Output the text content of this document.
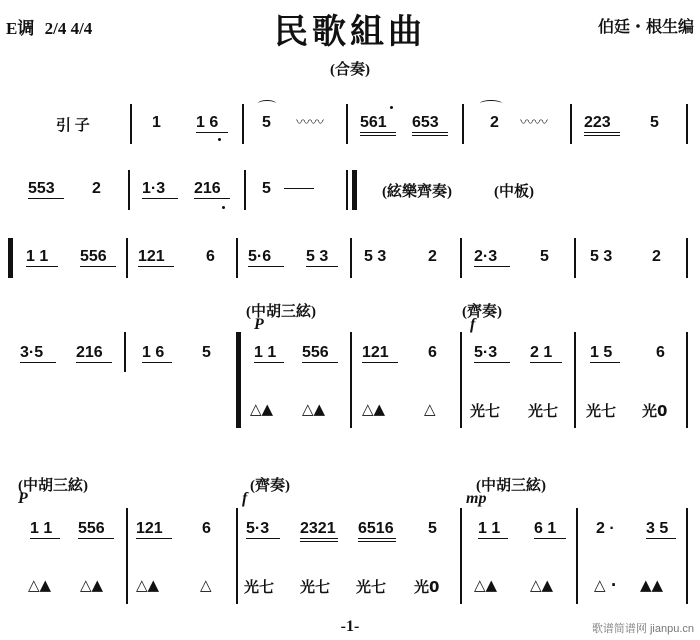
E调 2/4 4/4	民歌組曲	伯廷・根生编
(合奏)
引 子	1 1 6	5 〰〰 561 653	2 〰〰 223 5
553 2	1·3 216	5	(絃樂齊奏)	(中板)
1 1 556 121	6 5·6 5 3 5 3	2 2·3	5	5 3 2
(中胡三絃)	(齊奏)
P	f
3·5 216 1 6 5	1 1 556 121 6 5·3 2 1 1 5	6
△▲ △▲ △▲	△ 光七 光七 光七 光0
(中胡三絃)	(齊奏)	(中胡三絃)
P	f	mp
1 1 556 121 6 5·3 2321 6516 5	1 1 6 1 2 · 3 5
△▲ △▲ △▲	△ 光七 光七 光七 光0 △▲ △▲	△ · ▲▲
-1-	歌谱简谱网 jianpu.cn
